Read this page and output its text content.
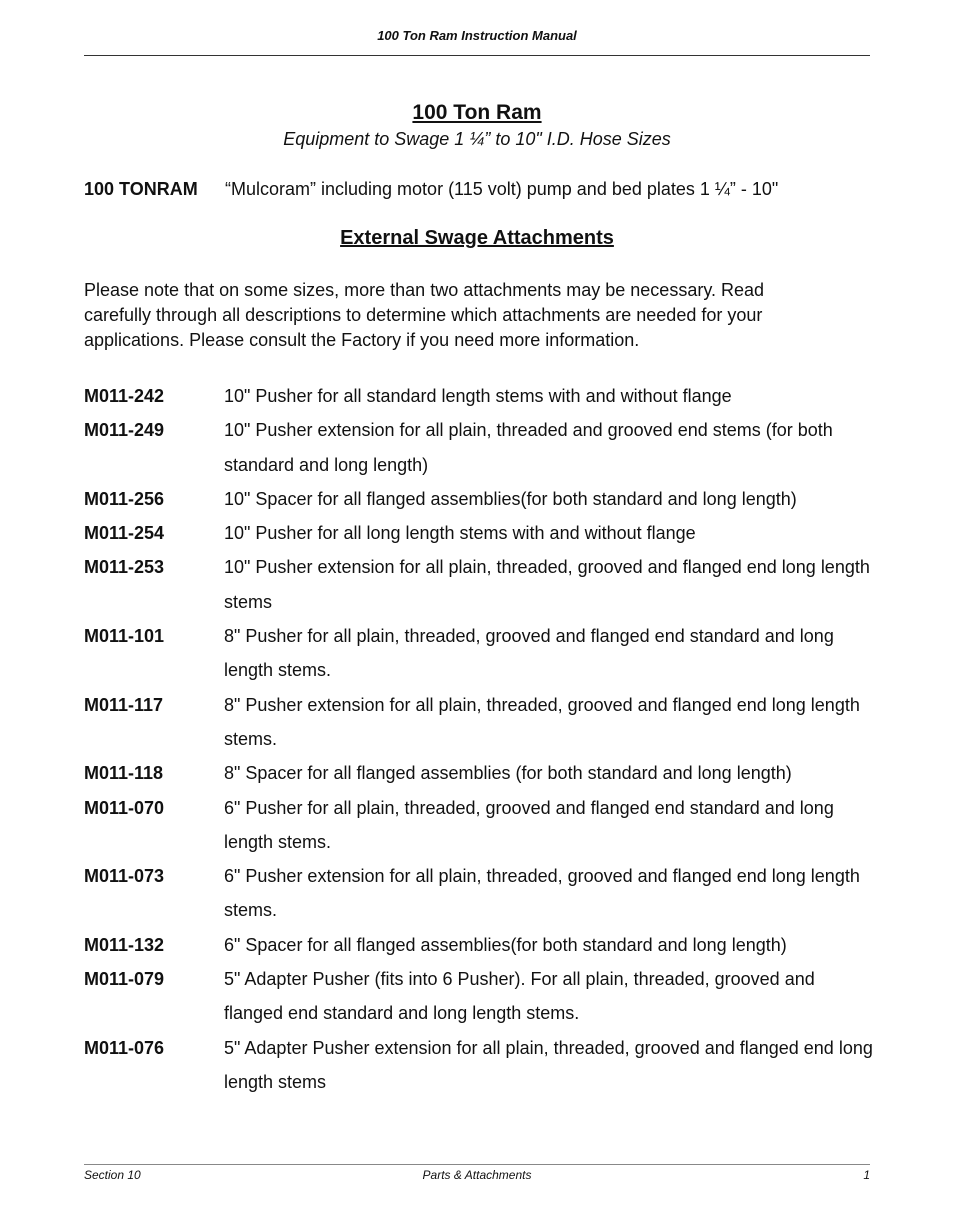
100 Ton Ram Instruction Manual
100 Ton Ram
Equipment to Swage 1 ¼” to 10" I.D. Hose Sizes
100 TONRAM “Mulcoram” including motor (115 volt) pump and bed plates 1 ¼” - 10"
External Swage Attachments

Please note that on some sizes, more than two attachments may be necessary. Read carefully through all descriptions to determine which attachments are needed for your applications. Please consult the Factory if you need more information.

M011-242	10" Pusher for all standard length stems with and without flange
M011-249	10" Pusher extension for all plain, threaded and grooved end stems (for both standard and long length)
M011-256	10" Spacer for all flanged assemblies(for both standard and long length)
M011-254	10" Pusher for all long length stems with and without flange
M011-253	10" Pusher extension for all plain, threaded, grooved and flanged end long length stems
M011-101	8" Pusher for all plain, threaded, grooved and flanged end standard and long length stems.
M011-117	8" Pusher extension for all plain, threaded, grooved and flanged end long length stems.
M011-118	8" Spacer for all flanged assemblies (for both standard and long length)
M011-070	6" Pusher for all plain, threaded, grooved and flanged end standard and long length stems.
M011-073	6" Pusher extension for all plain, threaded, grooved and flanged end long length stems.
M011-132	6" Spacer for all flanged assemblies(for both standard and long length)
M011-079	5" Adapter Pusher (fits into 6 Pusher). For all plain, threaded, grooved and flanged end standard and long length stems.
M011-076	5" Adapter Pusher extension for all plain, threaded, grooved and flanged end long length stems
Section 10	Parts & Attachments	1
